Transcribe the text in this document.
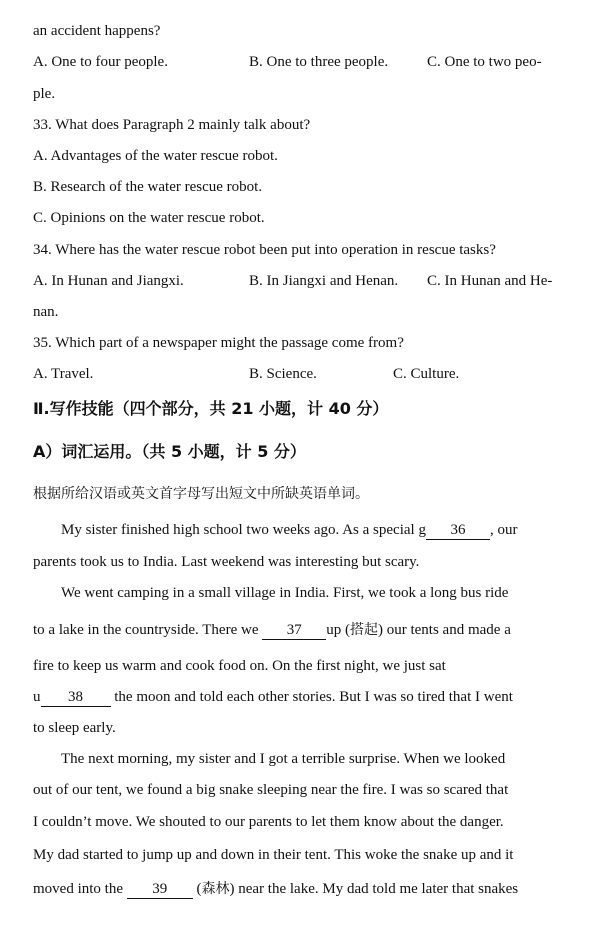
an accident happens?
A. One to four people.	B. One to three people.	C. One to two peo-
ple.
33. What does Paragraph 2 mainly talk about?
A. Advantages of the water rescue robot.
B. Research of the water rescue robot.
C. Opinions on the water rescue robot.
34. Where has the water rescue robot been put into operation in rescue tasks?
A. In Hunan and Jiangxi.	B. In Jiangxi and Henan.	C. In Hunan and He-
nan.
35. Which part of a newspaper might the passage come from?
A. Travel.	B. Science.	C. Culture.
Ⅱ.写作技能（四个部分，共 21 小题，计 40 分）
A）词汇运用。（共 5 小题，计 5 分）
根据所给汉语或英文首字母写出短文中所缺英语单词。
My sister finished high school two weeks ago. As a special g 36 , our
parents took us to India. Last weekend was interesting but scary.
We went camping in a small village in India. First, we took a long bus ride
to a lake in the countryside. There we 37 up (搭起) our tents and made a
fire to keep us warm and cook food on. On the first night, we just sat
u 38 the moon and told each other stories. But I was so tired that I went
to sleep early.
The next morning, my sister and I got a terrible surprise. When we looked
out of our tent, we found a big snake sleeping near the fire. I was so scared that
I couldn’t move. We shouted to our parents to let them know about the danger.
My dad started to jump up and down in their tent. This woke the snake up and it
moved into the 39 (森林) near the lake. My dad told me later that snakes
